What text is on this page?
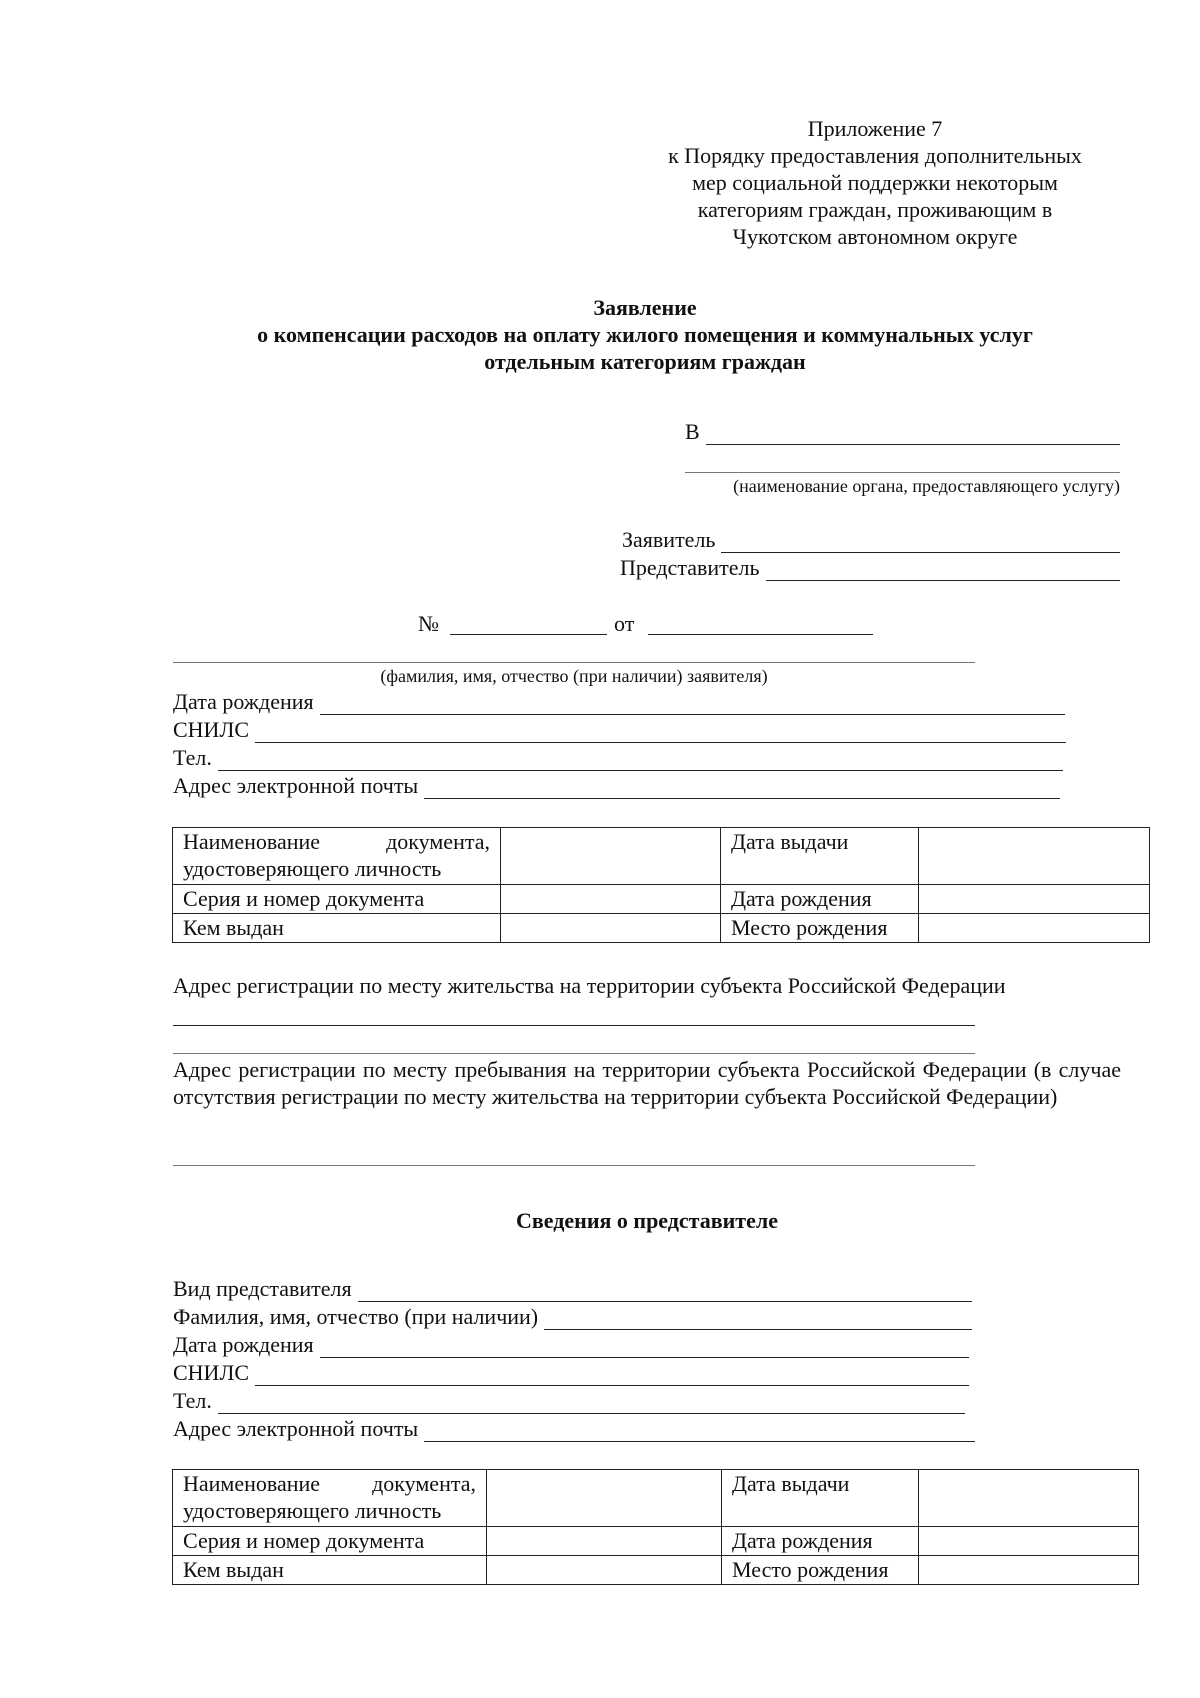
Приложение 7
к Порядку предоставления дополнительных
мер социальной поддержки некоторым
категориям граждан, проживающим в
Чукотском автономном округе
Заявление
о компенсации расходов на оплату жилого помещения и коммунальных услуг
отдельным категориям граждан
В
(наименование органа, предоставляющего услугу)
Заявитель
Представитель
№	от
(фамилия, имя, отчество (при наличии) заявителя)
Дата рождения
СНИЛС
Тел.
Адрес электронной почты
Наименование документа, удостоверяющего личность		Дата выдачи	
Серия и номер документа		Дата рождения	
Кем выдан		Место рождения	
Адрес регистрации по месту жительства на территории субъекта Российской Федерации
Адрес регистрации по месту пребывания на территории субъекта Российской Федерации (в случае отсутствия регистрации по месту жительства на территории субъекта Российской Федерации)
Сведения о представителе
Вид представителя
Фамилия, имя, отчество (при наличии)
Дата рождения
СНИЛС
Тел.
Адрес электронной почты
Наименование документа, удостоверяющего личность		Дата выдачи	
Серия и номер документа		Дата рождения	
Кем выдан		Место рождения	
